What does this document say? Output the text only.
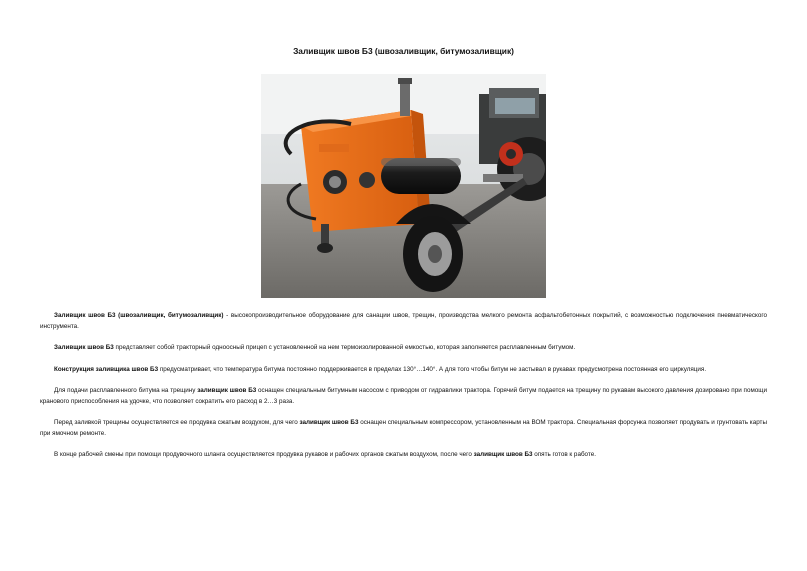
Заливщик швов Б3 (швозаливщик, битумозаливщик)

Заливщик швов Б3 (швозаливщик, битумозаливщик) - высокопроизводительное оборудование для санации швов, трещин, производства мелкого ремонта асфальтобетонных покрытий, с возможностью подключения пневматического инструмента.

Заливщик швов Б3 представляет собой тракторный одноосный прицеп с установленной на нем термоизолированной емкостью, которая заполняется расплавленным битумом.

Конструкция заливщика швов Б3 предусматривает, что температура битума постоянно поддерживается в пределах 130°…140°. А для того чтобы битум не застывал в рукавах предусмотрена постоянная его циркуляция.

Для подачи расплавленного битума на трещину заливщик швов Б3 оснащен специальным битумным насосом с приводом от гидравлики трактора. Горячий битум подается на трещину по рукавам высокого давления дозировано при помощи кранового приспособления на удочке, что позволяет сократить его расход в 2…3 раза.

Перед заливкой трещины осуществляется ее продувка сжатым воздухом, для чего заливщик швов Б3 оснащен специальным компрессором, установленным на ВОМ трактора. Специальная форсунка позволяет продувать и грунтовать карты при ямочном ремонте.

В конце рабочей смены при помощи продувочного шланга осуществляется продувка рукавов и рабочих органов сжатым воздухом, после чего заливщик швов Б3 опять готов к работе.
